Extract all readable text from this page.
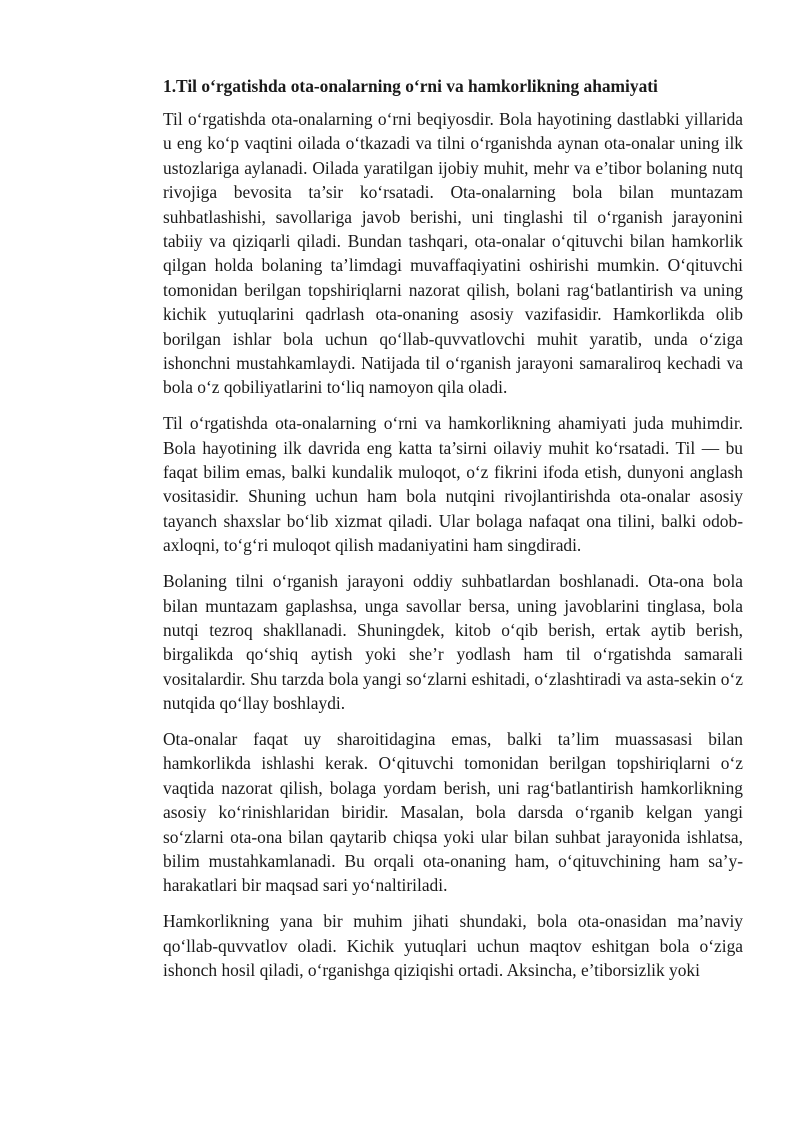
1.Til o‘rgatishda ota-onalarning o‘rni va hamkorlikning ahamiyati

Til o‘rgatishda ota-onalarning o‘rni beqiyosdir. Bola hayotining dastlabki yillarida u eng ko‘p vaqtini oilada o‘tkazadi va tilni o‘rganishda aynan ota-onalar uning ilk ustozlariga aylanadi. Oilada yaratilgan ijobiy muhit, mehr va e’tibor bolaning nutq rivojiga bevosita ta’sir ko‘rsatadi. Ota-onalarning bola bilan muntazam suhbatlashishi, savollariga javob berishi, uni tinglashi til o‘rganish jarayonini tabiiy va qiziqarli qiladi. Bundan tashqari, ota-onalar o‘qituvchi bilan hamkorlik qilgan holda bolaning ta’limdagi muvaffaqiyatini oshirishi mumkin. O‘qituvchi tomonidan berilgan topshiriqlarni nazorat qilish, bolani rag‘batlantirish va uning kichik yutuqlarini qadrlash ota-onaning asosiy vazifasidir. Hamkorlikda olib borilgan ishlar bola uchun qo‘llab-quvvatlovchi muhit yaratib, unda o‘ziga ishonchni mustahkamlaydi. Natijada til o‘rganish jarayoni samaraliroq kechadi va bola o‘z qobiliyatlarini to‘liq namoyon qila oladi.

Til o‘rgatishda ota-onalarning o‘rni va hamkorlikning ahamiyati juda muhimdir. Bola hayotining ilk davrida eng katta ta’sirni oilaviy muhit ko‘rsatadi. Til — bu faqat bilim emas, balki kundalik muloqot, o‘z fikrini ifoda etish, dunyoni anglash vositasidir. Shuning uchun ham bola nutqini rivojlantirishda ota-onalar asosiy tayanch shaxslar bo‘lib xizmat qiladi. Ular bolaga nafaqat ona tilini, balki odob-axloqni, to‘g‘ri muloqot qilish madaniyatini ham singdiradi.

Bolaning tilni o‘rganish jarayoni oddiy suhbatlardan boshlanadi. Ota-ona bola bilan muntazam gaplashsa, unga savollar bersa, uning javoblarini tinglasa, bola nutqi tezroq shakllanadi. Shuningdek, kitob o‘qib berish, ertak aytib berish, birgalikda qo‘shiq aytish yoki she’r yodlash ham til o‘rgatishda samarali vositalardir. Shu tarzda bola yangi so‘zlarni eshitadi, o‘zlashtiradi va asta-sekin o‘z nutqida qo‘llay boshlaydi.

Ota-onalar faqat uy sharoitidagina emas, balki ta’lim muassasasi bilan hamkorlikda ishlashi kerak. O‘qituvchi tomonidan berilgan topshiriqlarni o‘z vaqtida nazorat qilish, bolaga yordam berish, uni rag‘batlantirish hamkorlikning asosiy ko‘rinishlaridan biridir. Masalan, bola darsda o‘rganib kelgan yangi so‘zlarni ota-ona bilan qaytarib chiqsa yoki ular bilan suhbat jarayonida ishlatsa, bilim mustahkamlanadi. Bu orqali ota-onaning ham, o‘qituvchining ham sa’y-harakatlari bir maqsad sari yo‘naltiriladi.

Hamkorlikning yana bir muhim jihati shundaki, bola ota-onasidan ma’naviy qo‘llab-quvvatlov oladi. Kichik yutuqlari uchun maqtov eshitgan bola o‘ziga ishonch hosil qiladi, o‘rganishga qiziqishi ortadi. Aksincha, e’tiborsizlik yoki
